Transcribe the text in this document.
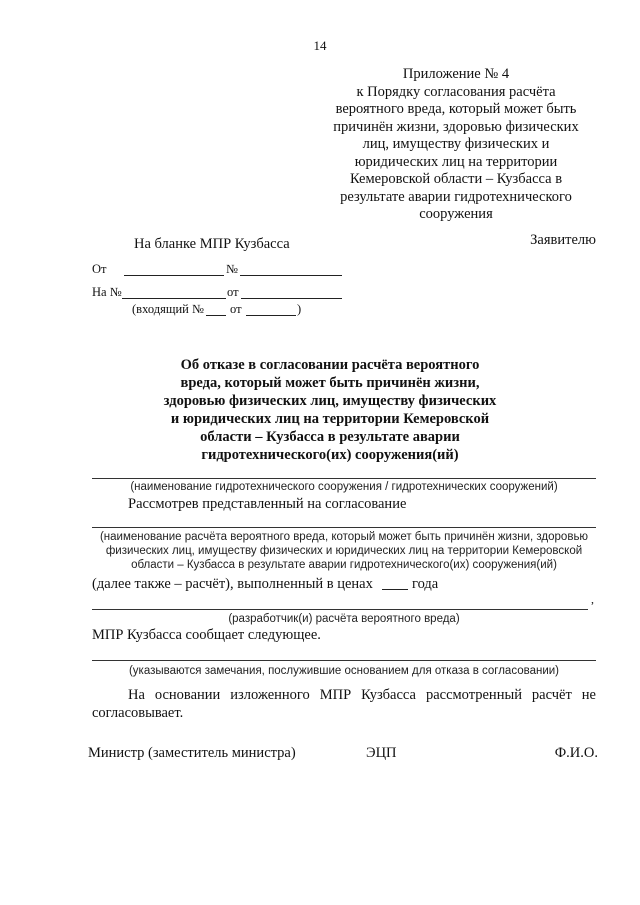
14
Приложение № 4
к Порядку согласования расчёта
вероятного вреда, который может быть
причинён жизни, здоровью физических
лиц, имуществу физических и
юридических лиц на территории
Кемеровской области – Кузбасса в
результате аварии гидротехнического
сооружения
На бланке МПР Кузбасса	Заявителю
От	№
На №	от
(входящий № от	)
Об отказе в согласовании расчёта вероятного
вреда, который может быть причинён жизни,
здоровью физических лиц, имуществу физических
и юридических лиц на территории Кемеровской
области – Кузбасса в результате аварии
гидротехнического(их) сооружения(ий)
(наименование гидротехнического сооружения / гидротехнических сооружений)
Рассмотрев представленный на согласование
(наименование расчёта вероятного вреда, который может быть причинён жизни, здоровью физических лиц, имуществу физических и юридических лиц на территории Кемеровской области – Кузбасса в результате аварии гидротехнического(их) сооружения(ий)
(далее также – расчёт), выполненный в ценах	года
,
(разработчик(и) расчёта вероятного вреда)
МПР Кузбасса сообщает следующее.
(указываются замечания, послужившие основанием для отказа в согласовании)
На основании изложенного МПР Кузбасса рассмотренный расчёт не согласовывает.
Министр (заместитель министра)	ЭЦП	Ф.И.О.
